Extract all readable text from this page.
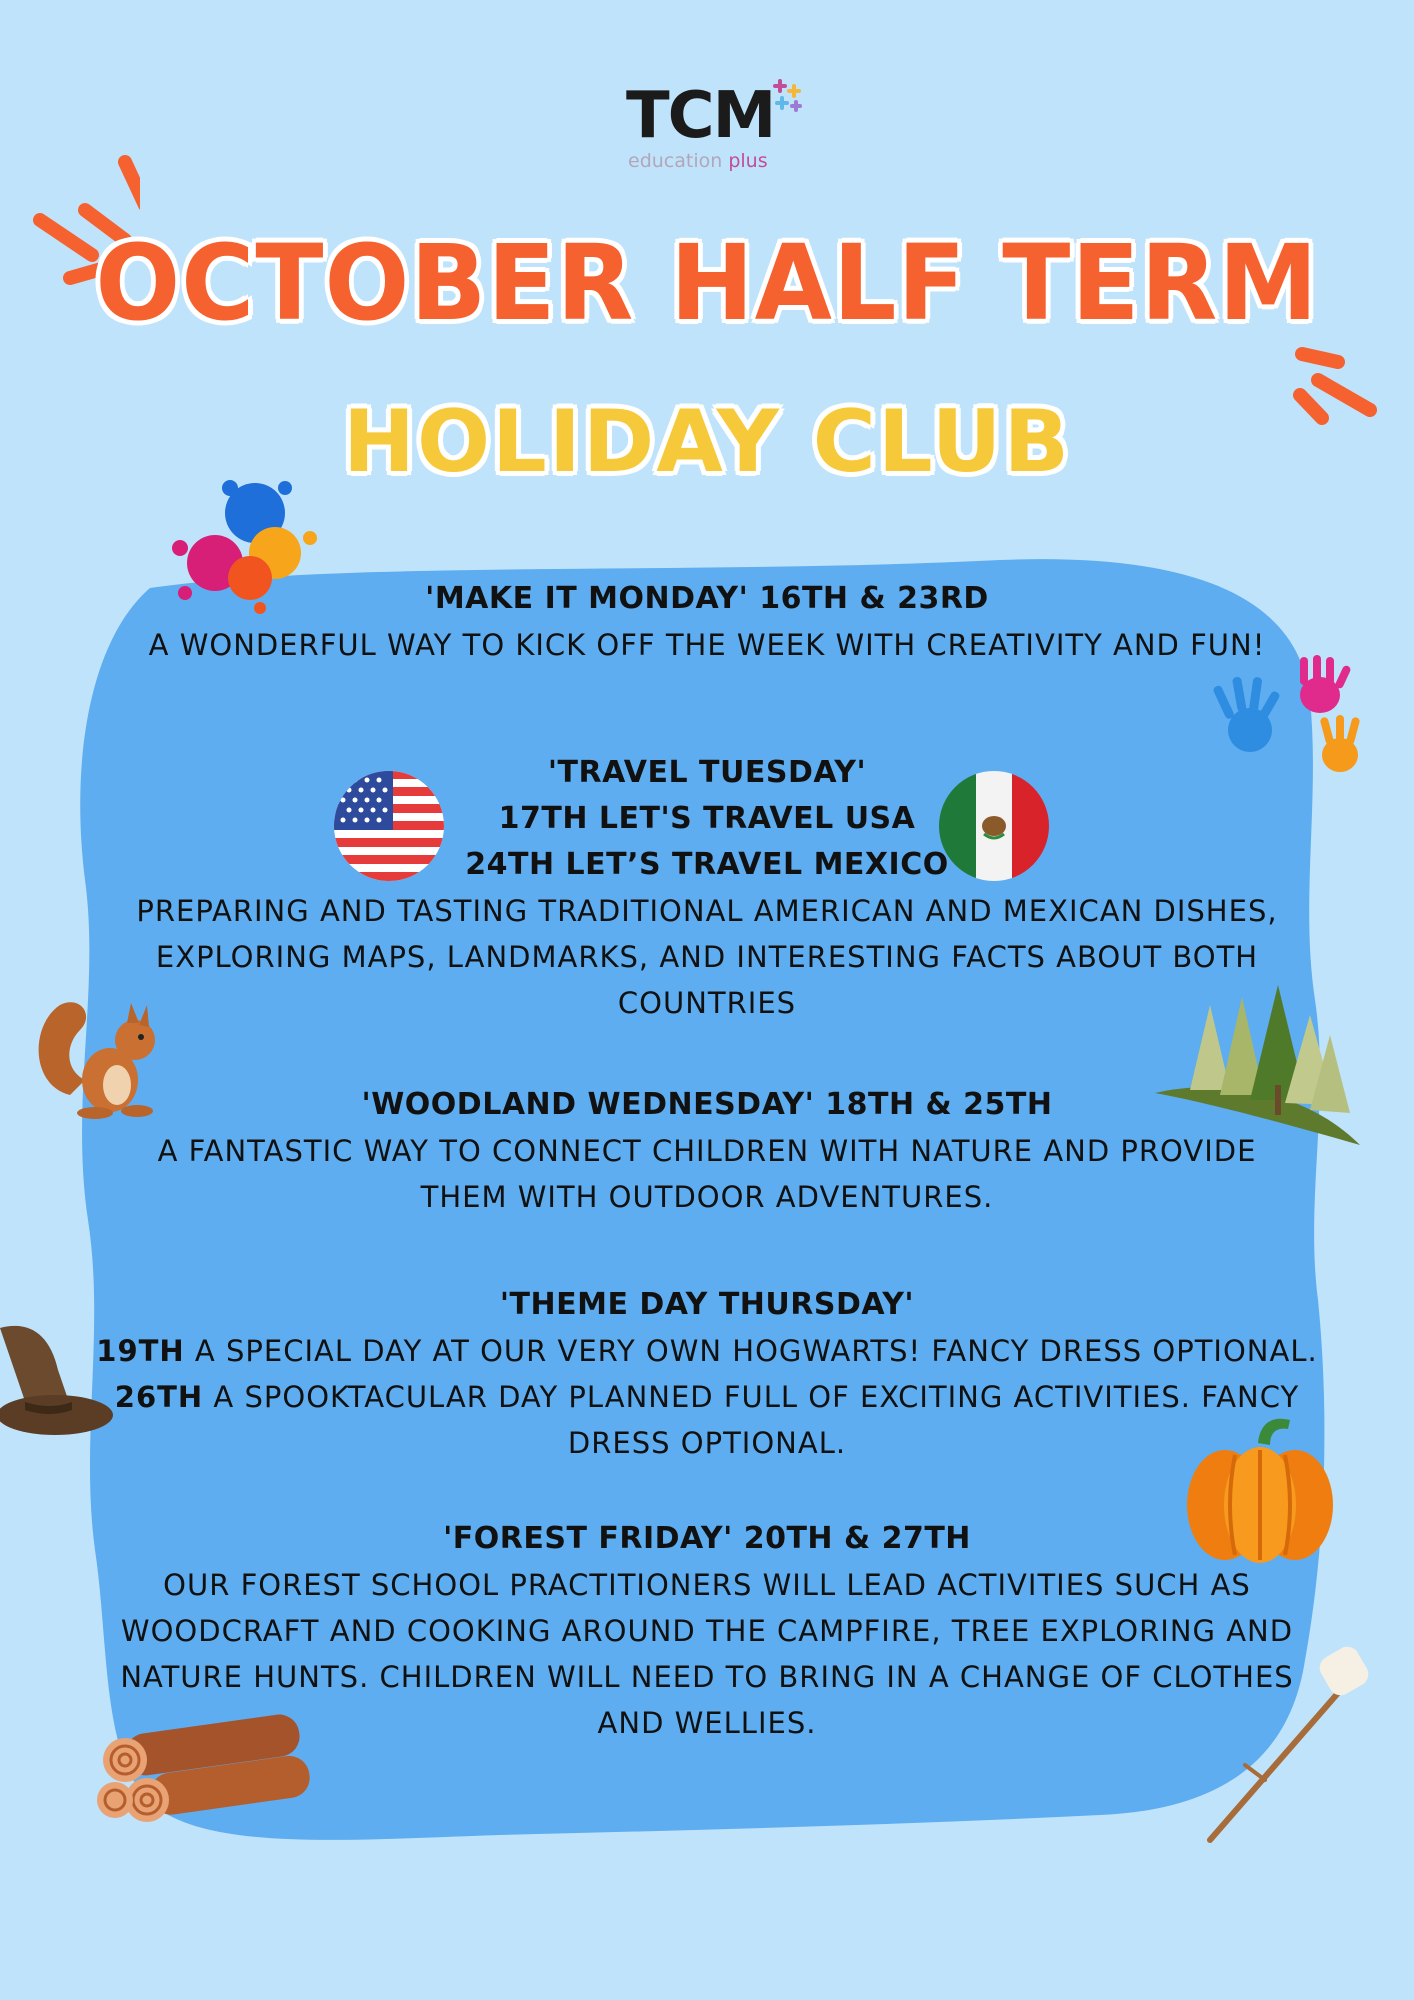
TCM
education plus
OCTOBER HALF TERM
HOLIDAY CLUB
'MAKE IT MONDAY' 16TH & 23RD
A WONDERFUL WAY TO KICK OFF THE WEEK WITH CREATIVITY AND FUN!
'TRAVEL TUESDAY'
17TH LET'S TRAVEL USA
24TH LET’S TRAVEL MEXICO
PREPARING AND TASTING TRADITIONAL AMERICAN AND MEXICAN DISHES,
EXPLORING MAPS, LANDMARKS, AND INTERESTING FACTS ABOUT BOTH
COUNTRIES
'WOODLAND WEDNESDAY' 18TH & 25TH
A FANTASTIC WAY TO CONNECT CHILDREN WITH NATURE AND PROVIDE
THEM WITH OUTDOOR ADVENTURES.
'THEME DAY THURSDAY'
19TH A SPECIAL DAY AT OUR VERY OWN HOGWARTS! FANCY DRESS OPTIONAL.
26TH A SPOOKTACULAR DAY PLANNED FULL OF EXCITING ACTIVITIES. FANCY
DRESS OPTIONAL.
'FOREST FRIDAY' 20TH & 27TH
OUR FOREST SCHOOL PRACTITIONERS WILL LEAD ACTIVITIES SUCH AS
WOODCRAFT AND COOKING AROUND THE CAMPFIRE, TREE EXPLORING AND
NATURE HUNTS. CHILDREN WILL NEED TO BRING IN A CHANGE OF CLOTHES
AND WELLIES.
